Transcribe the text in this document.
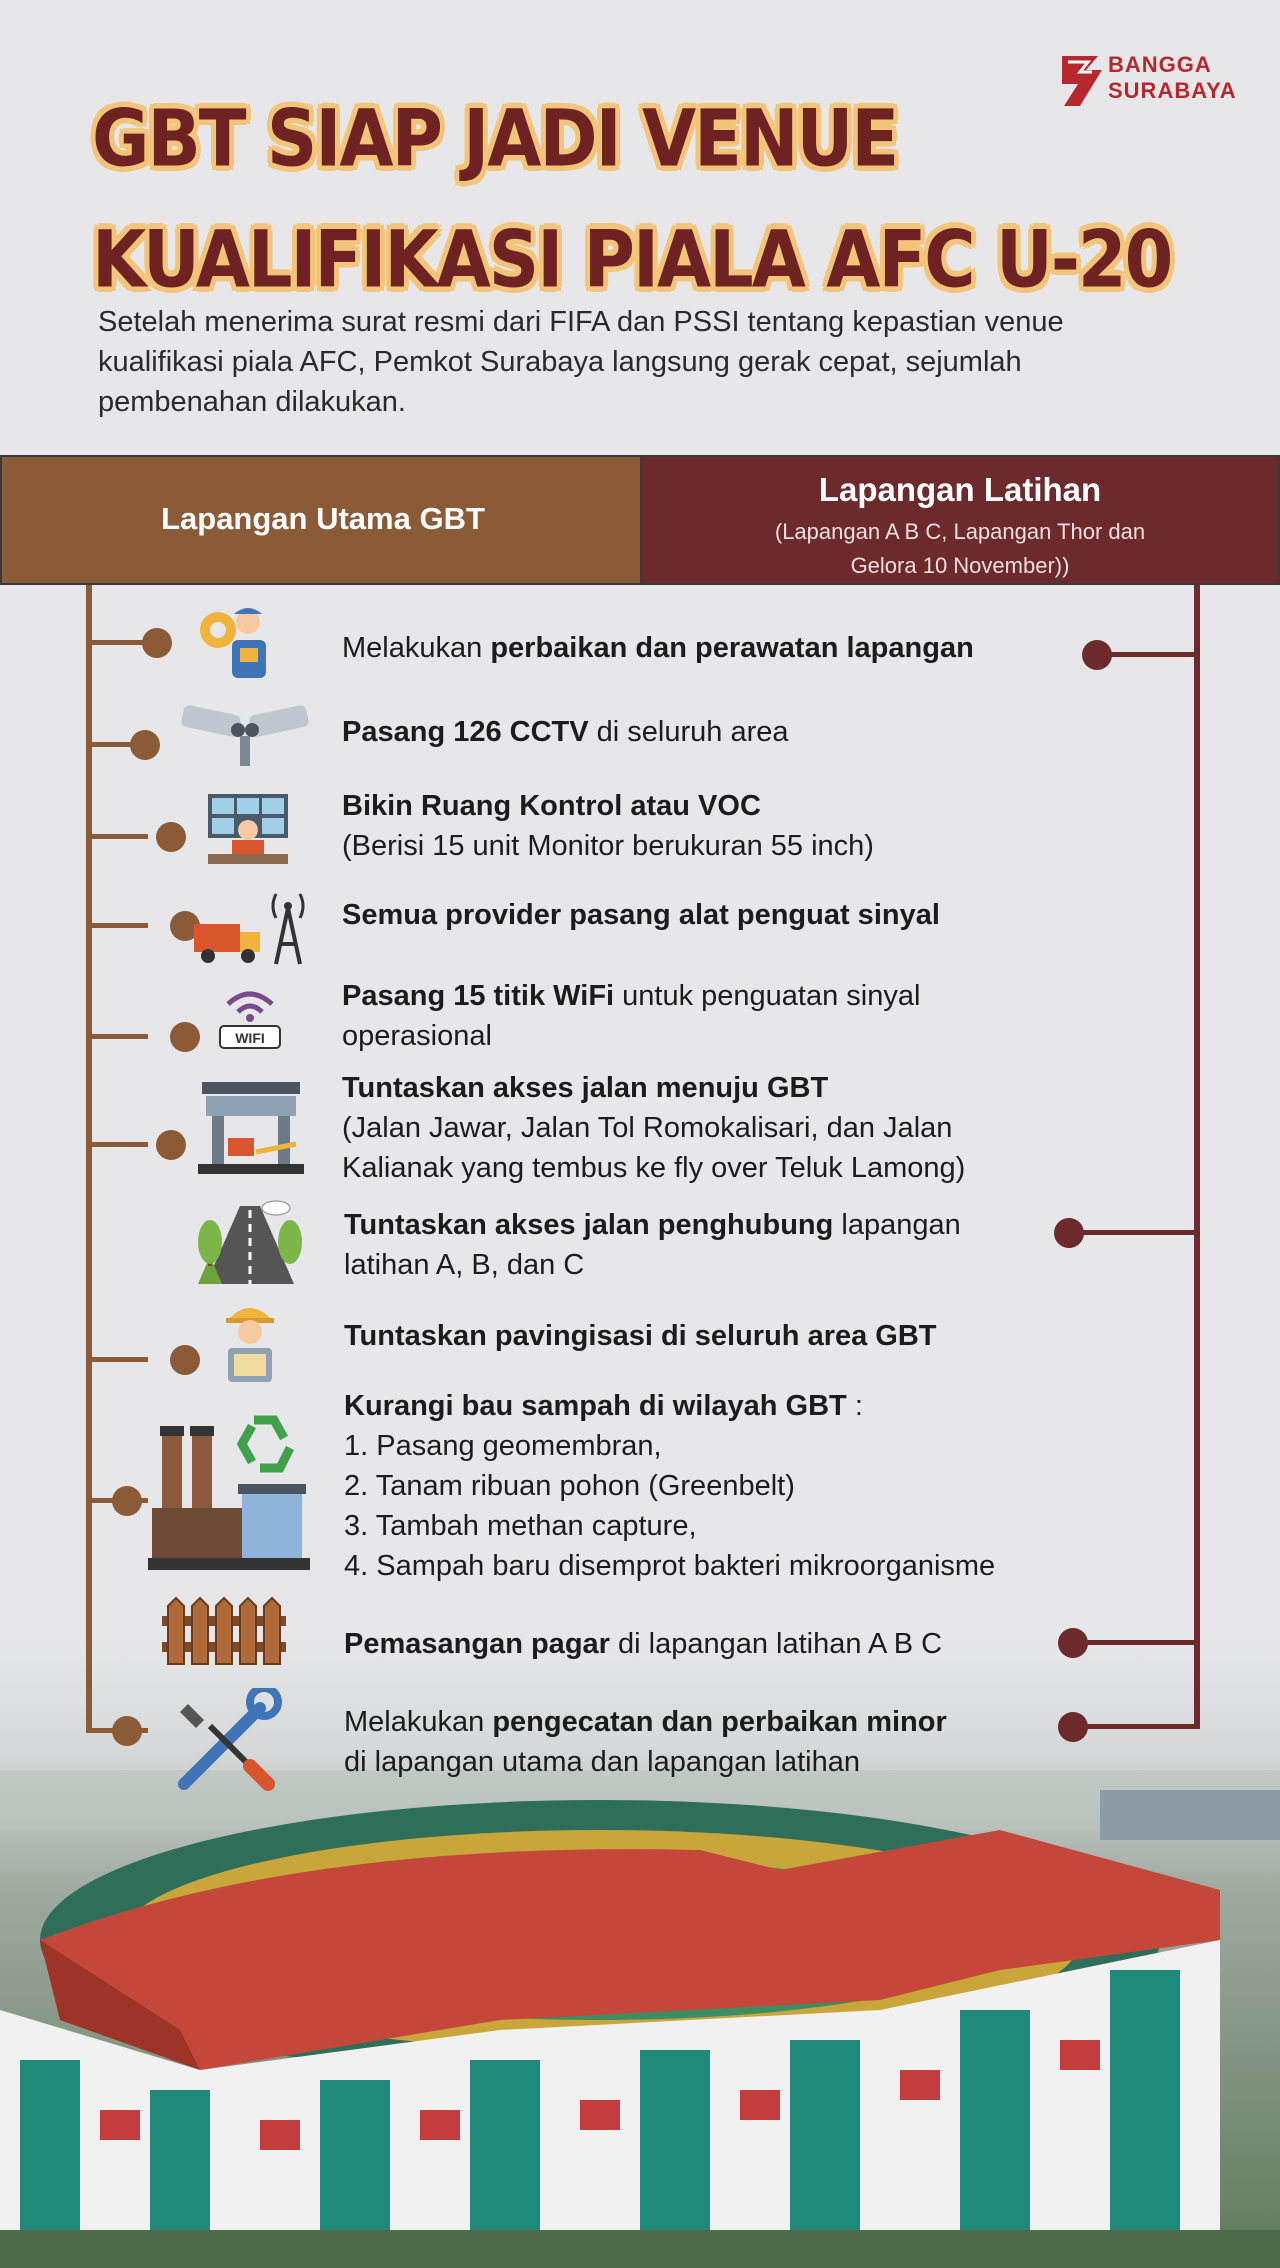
BANGGA
SURABAYA
GBT SIAP JADI VENUE
KUALIFIKASI PIALA AFC U-20
Setelah menerima surat resmi dari FIFA dan PSSI tentang kepastian venue kualifikasi piala AFC, Pemkot Surabaya langsung gerak cepat, sejumlah pembenahan dilakukan.
Lapangan Utama GBT
Lapangan Latihan
(Lapangan A B C, Lapangan Thor dan Gelora 10 November))
WIFI
Melakukan perbaikan dan perawatan lapangan
Pasang 126 CCTV di seluruh area
Bikin Ruang Kontrol atau VOC
(Berisi 15 unit Monitor berukuran 55 inch)
Semua provider pasang alat penguat sinyal
Pasang 15 titik WiFi untuk penguatan sinyal
operasional
Tuntaskan akses jalan menuju GBT
(Jalan Jawar, Jalan Tol Romokalisari, dan Jalan
Kalianak yang tembus ke fly over Teluk Lamong)
Tuntaskan akses jalan penghubung lapangan
latihan A, B, dan C
Tuntaskan pavingisasi di seluruh area GBT
Kurangi bau sampah di wilayah GBT :
1. Pasang geomembran,
2. Tanam ribuan pohon (Greenbelt)
3. Tambah methan capture,
4. Sampah baru disemprot bakteri mikroorganisme
Pemasangan pagar di lapangan latihan A B C
Melakukan pengecatan dan perbaikan minor
di lapangan utama dan lapangan latihan
